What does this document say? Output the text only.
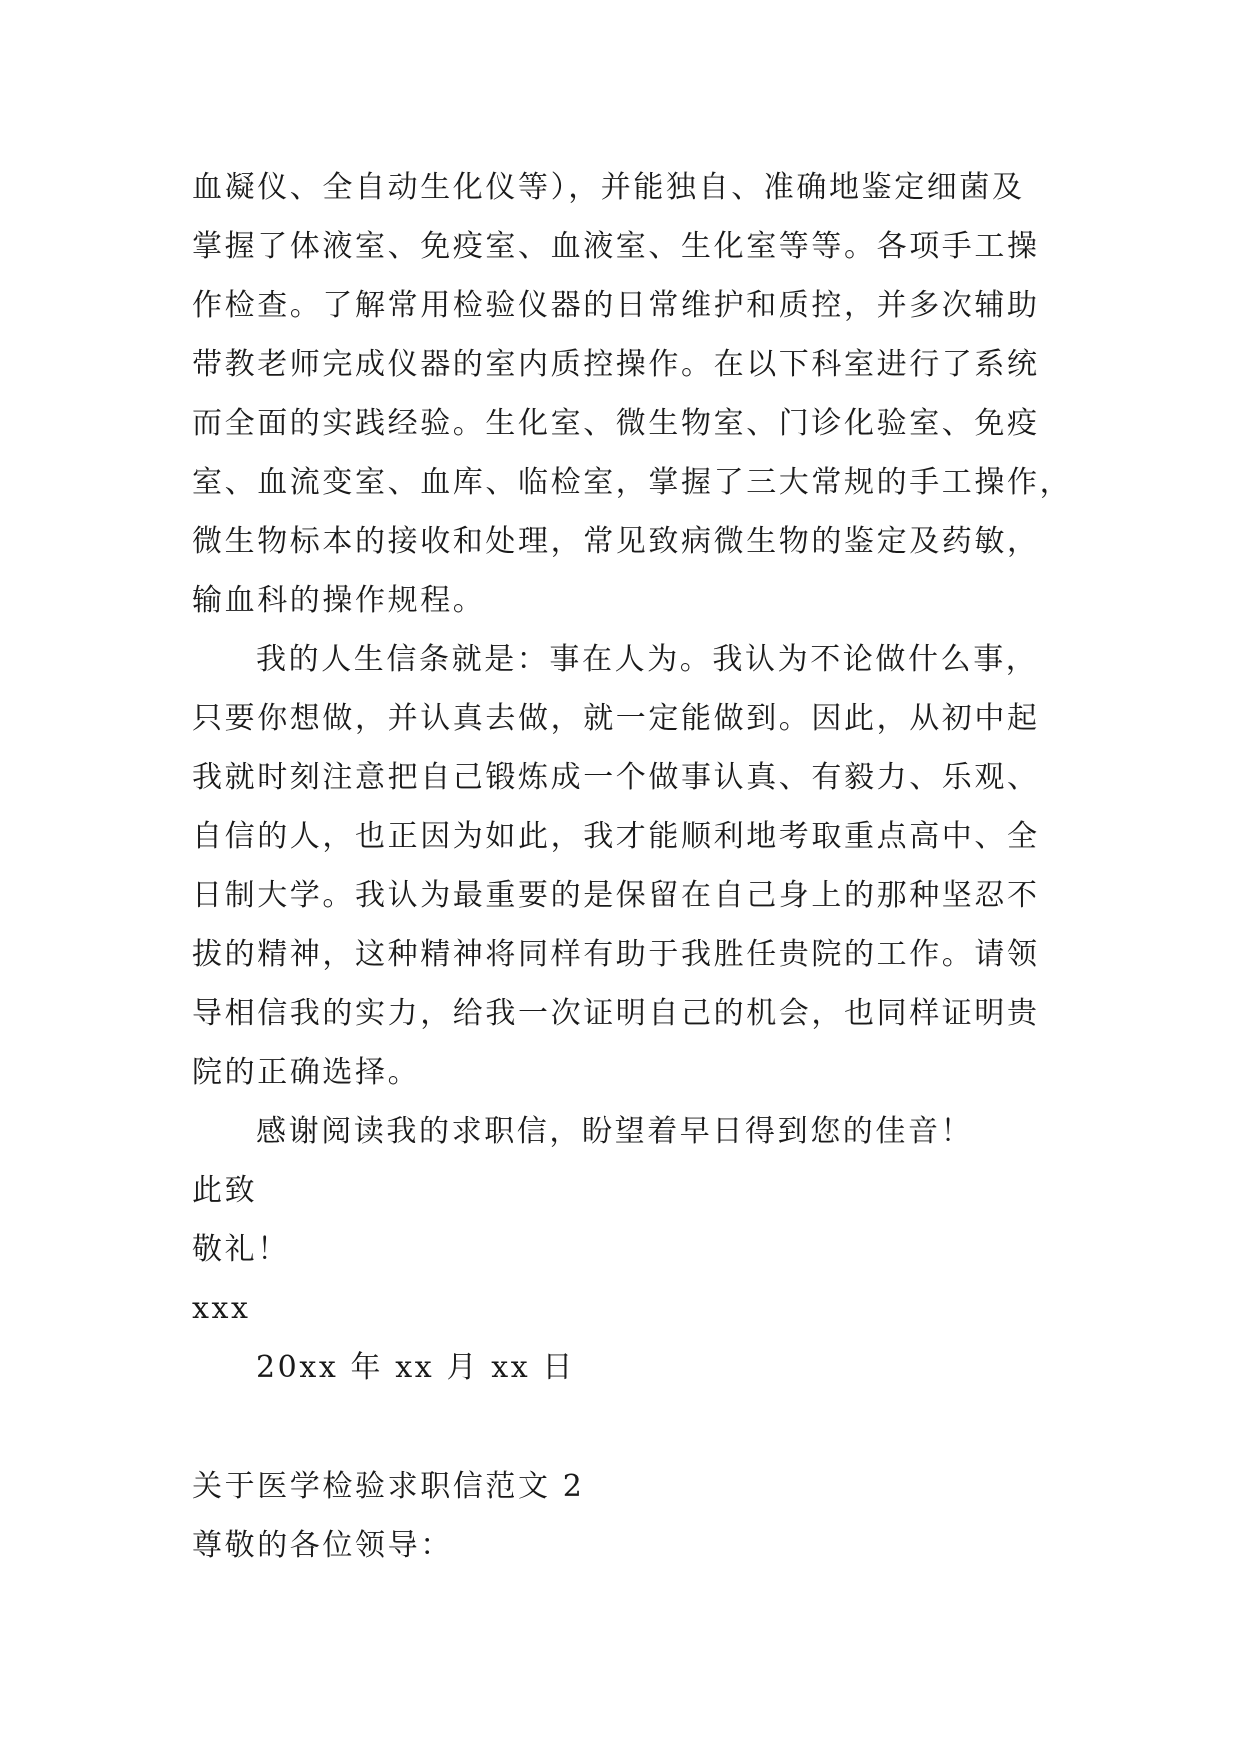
血凝仪、全自动生化仪等），并能独自、准确地鉴定细菌及
掌握了体液室、免疫室、血液室、生化室等等。各项手工操
作检查。了解常用检验仪器的日常维护和质控，并多次辅助
带教老师完成仪器的室内质控操作。在以下科室进行了系统
而全面的实践经验。生化室、微生物室、门诊化验室、免疫
室、血流变室、血库、临检室，掌握了三大常规的手工操作，
微生物标本的接收和处理，常见致病微生物的鉴定及药敏，
输血科的操作规程。
我的人生信条就是：事在人为。我认为不论做什么事，
只要你想做，并认真去做，就一定能做到。因此，从初中起
我就时刻注意把自己锻炼成一个做事认真、有毅力、乐观、
自信的人，也正因为如此，我才能顺利地考取重点高中、全
日制大学。我认为最重要的是保留在自己身上的那种坚忍不
拔的精神，这种精神将同样有助于我胜任贵院的工作。请领
导相信我的实力，给我一次证明自己的机会，也同样证明贵
院的正确选择。
感谢阅读我的求职信，盼望着早日得到您的佳音！
此致
敬礼！
xxx
20xx 年 xx 月 xx 日
关于医学检验求职信范文 2
尊敬的各位领导：
